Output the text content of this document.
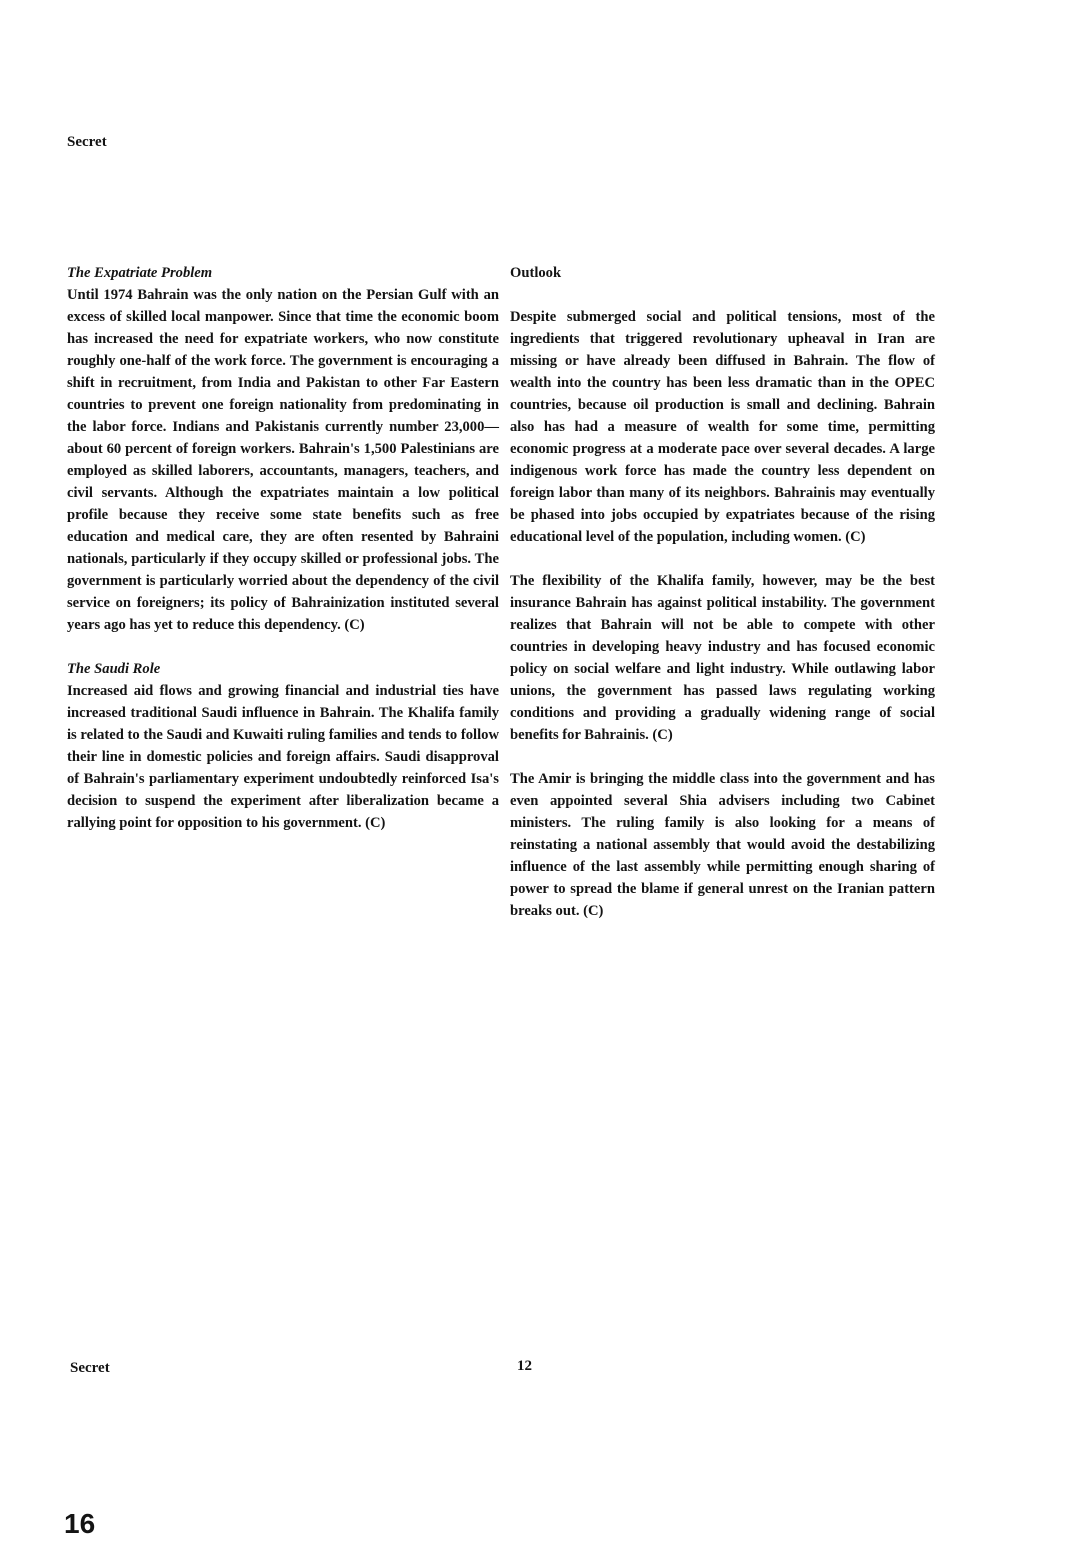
Secret
The Expatriate Problem

Until 1974 Bahrain was the only nation on the Persian Gulf with an excess of skilled local manpower. Since that time the economic boom has increased the need for expatriate workers, who now constitute roughly one-half of the work force. The government is encouraging a shift in recruitment, from India and Pakistan to other Far Eastern countries to prevent one foreign nationality from predominating in the labor force. Indians and Pakistanis currently number 23,000—about 60 percent of foreign workers. Bahrain's 1,500 Palestinians are employed as skilled laborers, accountants, managers, teachers, and civil servants. Although the expatriates maintain a low political profile because they receive some state benefits such as free education and medical care, they are often resented by Bahraini nationals, particularly if they occupy skilled or professional jobs. The government is particularly worried about the dependency of the civil service on foreigners; its policy of Bahrainization instituted several years ago has yet to reduce this dependency. (C)

The Saudi Role

Increased aid flows and growing financial and industrial ties have increased traditional Saudi influence in Bahrain. The Khalifa family is related to the Saudi and Kuwaiti ruling families and tends to follow their line in domestic policies and foreign affairs. Saudi disapproval of Bahrain's parliamentary experiment undoubtedly reinforced Isa's decision to suspend the experiment after liberalization became a rallying point for opposition to his government. (C)

Outlook

Despite submerged social and political tensions, most of the ingredients that triggered revolutionary upheaval in Iran are missing or have already been diffused in Bahrain. The flow of wealth into the country has been less dramatic than in the OPEC countries, because oil production is small and declining. Bahrain also has had a measure of wealth for some time, permitting economic progress at a moderate pace over several decades. A large indigenous work force has made the country less dependent on foreign labor than many of its neighbors. Bahrainis may eventually be phased into jobs occupied by expatriates because of the rising educational level of the population, including women. (C)

The flexibility of the Khalifa family, however, may be the best insurance Bahrain has against political instability. The government realizes that Bahrain will not be able to compete with other countries in developing heavy industry and has focused economic policy on social welfare and light industry. While outlawing labor unions, the government has passed laws regulating working conditions and providing a gradually widening range of social benefits for Bahrainis. (C)

The Amir is bringing the middle class into the government and has even appointed several Shia advisers including two Cabinet ministers. The ruling family is also looking for a means of reinstating a national assembly that would avoid the destabilizing influence of the last assembly while permitting enough sharing of power to spread the blame if general unrest on the Iranian pattern breaks out. (C)

Secret	12
16
